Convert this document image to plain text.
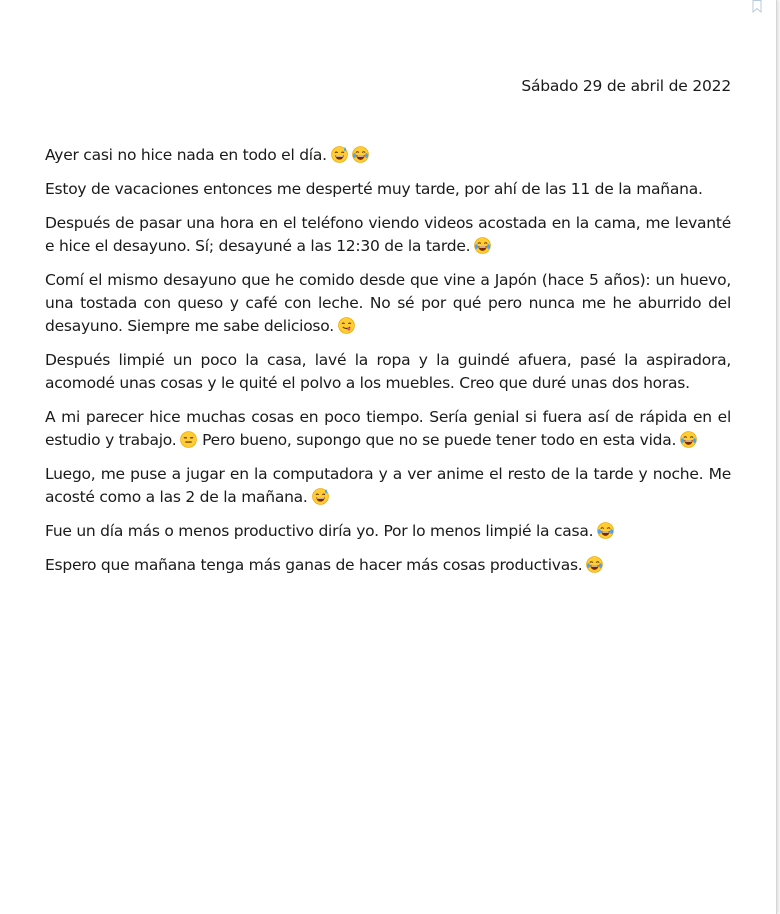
Sábado 29 de abril de 2022

Ayer casi no hice nada en todo el día.

Estoy de vacaciones entonces me desperté muy tarde, por ahí de las 11 de la mañana.

Después de pasar una hora en el teléfono viendo videos acostada en la cama, me levanté e hice el desayuno. Sí; desayuné a las 12:30 de la tarde.

Comí el mismo desayuno que he comido desde que vine a Japón (hace 5 años): un huevo, una tostada con queso y café con leche. No sé por qué pero nunca me he aburrido del desayuno. Siempre me sabe delicioso.

Después limpié un poco la casa, lavé la ropa y la guindé afuera, pasé la aspiradora, acomodé unas cosas y le quité el polvo a los muebles. Creo que duré unas dos horas.

A mi parecer hice muchas cosas en poco tiempo. Sería genial si fuera así de rápida en el estudio y trabajo. Pero bueno, supongo que no se puede tener todo en esta vida.

Luego, me puse a jugar en la computadora y a ver anime el resto de la tarde y noche. Me acosté como a las 2 de la mañana.

Fue un día más o menos productivo diría yo. Por lo menos limpié la casa.

Espero que mañana tenga más ganas de hacer más cosas productivas.
